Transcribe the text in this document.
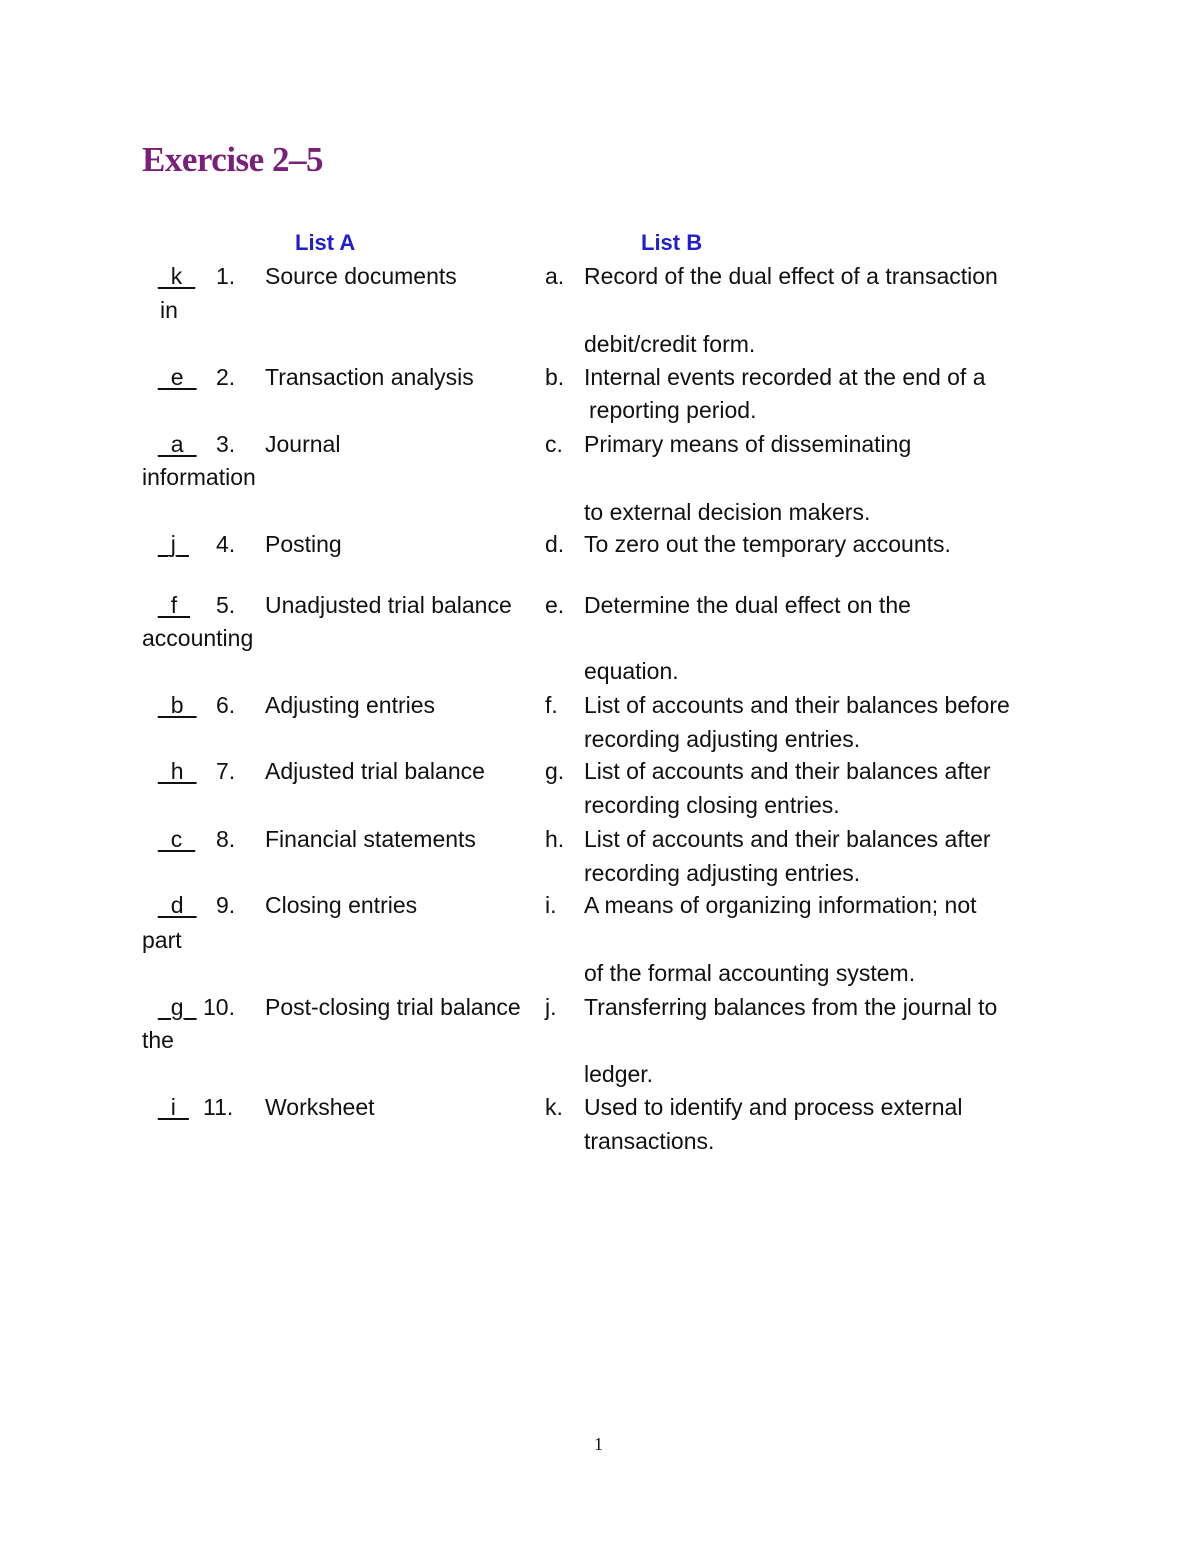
Exercise 2–5
List A	List B
_k_ 1. Source documents	a. Record of the dual effect of a transaction
in
debit/credit form.
_e_ 2. Transaction analysis	b. Internal events recorded at the end of a
reporting period.
_a_ 3. Journal	c. Primary means of disseminating
information
to external decision makers.
_j_ 4. Posting	d. To zero out the temporary accounts.
_f_ 5. Unadjusted trial balance e. Determine the dual effect on the
accounting
equation.
_b_ 6. Adjusting entries	f. List of accounts and their balances before
recording adjusting entries.
_h_ 7. Adjusted trial balance	g. List of accounts and their balances after
recording closing entries.
_c_ 8. Financial statements	h. List of accounts and their balances after
recording adjusting entries.
_d_ 9. Closing entries	i. A means of organizing information; not
part
of the formal accounting system.
_g_ 10. Post-closing trial balance j. Transferring balances from the journal to
the
ledger.
_i_ 11. Worksheet	k. Used to identify and process external
transactions.
1
